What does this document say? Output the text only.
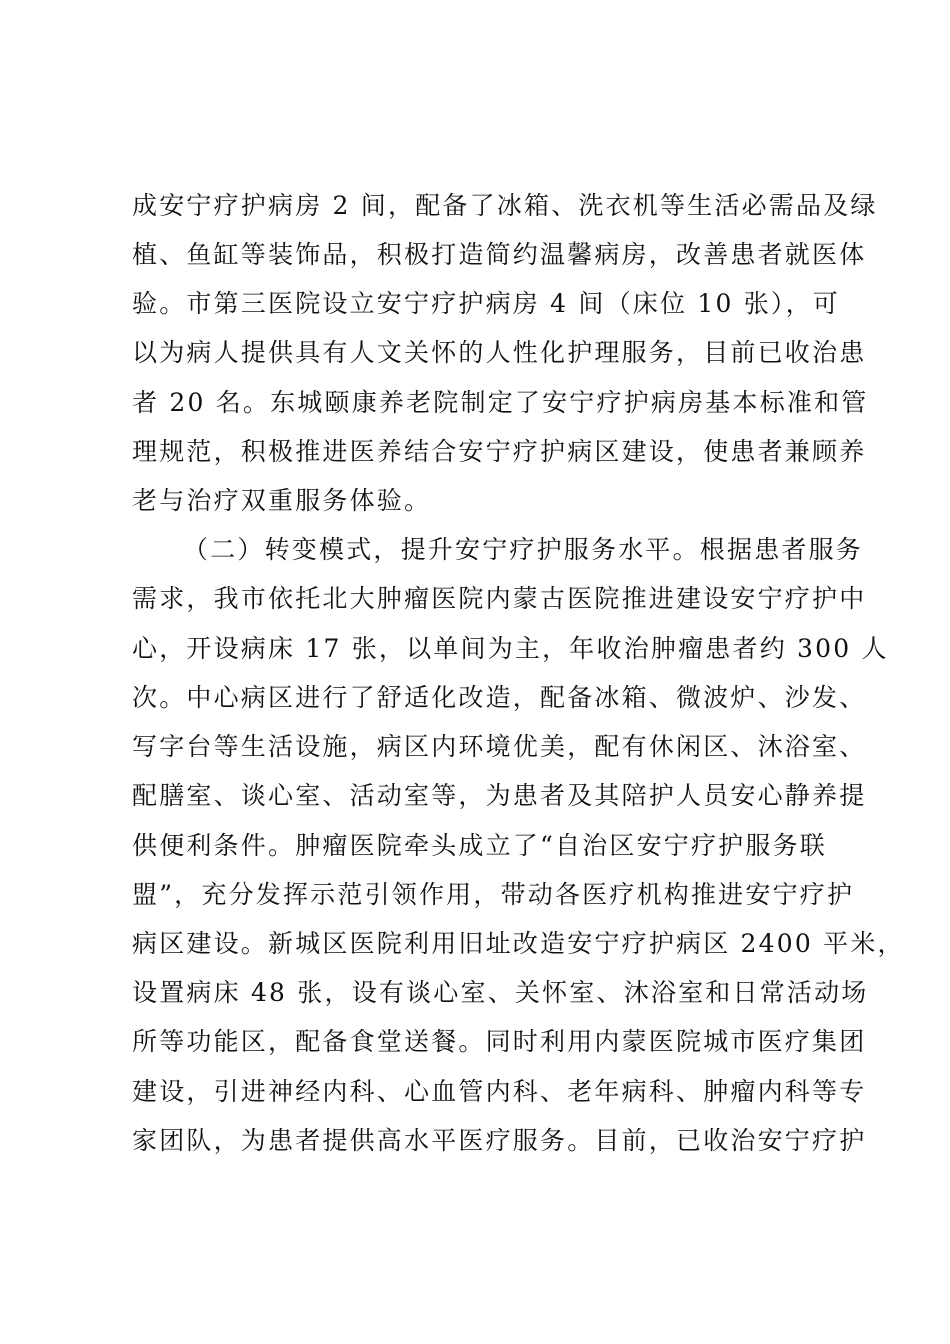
成安宁疗护病房 2 间，配备了冰箱、洗衣机等生活必需品及绿
植、鱼缸等装饰品，积极打造简约温馨病房，改善患者就医体
验。市第三医院设立安宁疗护病房 4 间（床位 10 张），可
以为病人提供具有人文关怀的人性化护理服务，目前已收治患
者 20 名。东城颐康养老院制定了安宁疗护病房基本标准和管
理规范，积极推进医养结合安宁疗护病区建设，使患者兼顾养
老与治疗双重服务体验。
（二）转变模式，提升安宁疗护服务水平。根据患者服务
需求，我市依托北大肿瘤医院内蒙古医院推进建设安宁疗护中
心，开设病床 17 张，以单间为主，年收治肿瘤患者约 300 人
次。中心病区进行了舒适化改造，配备冰箱、微波炉、沙发、
写字台等生活设施，病区内环境优美，配有休闲区、沐浴室、
配膳室、谈心室、活动室等，为患者及其陪护人员安心静养提
供便利条件。肿瘤医院牵头成立了“自治区安宁疗护服务联
盟”，充分发挥示范引领作用，带动各医疗机构推进安宁疗护
病区建设。新城区医院利用旧址改造安宁疗护病区 2400 平米，
设置病床 48 张，设有谈心室、关怀室、沐浴室和日常活动场
所等功能区，配备食堂送餐。同时利用内蒙医院城市医疗集团
建设，引进神经内科、心血管内科、老年病科、肿瘤内科等专
家团队，为患者提供高水平医疗服务。目前，已收治安宁疗护
